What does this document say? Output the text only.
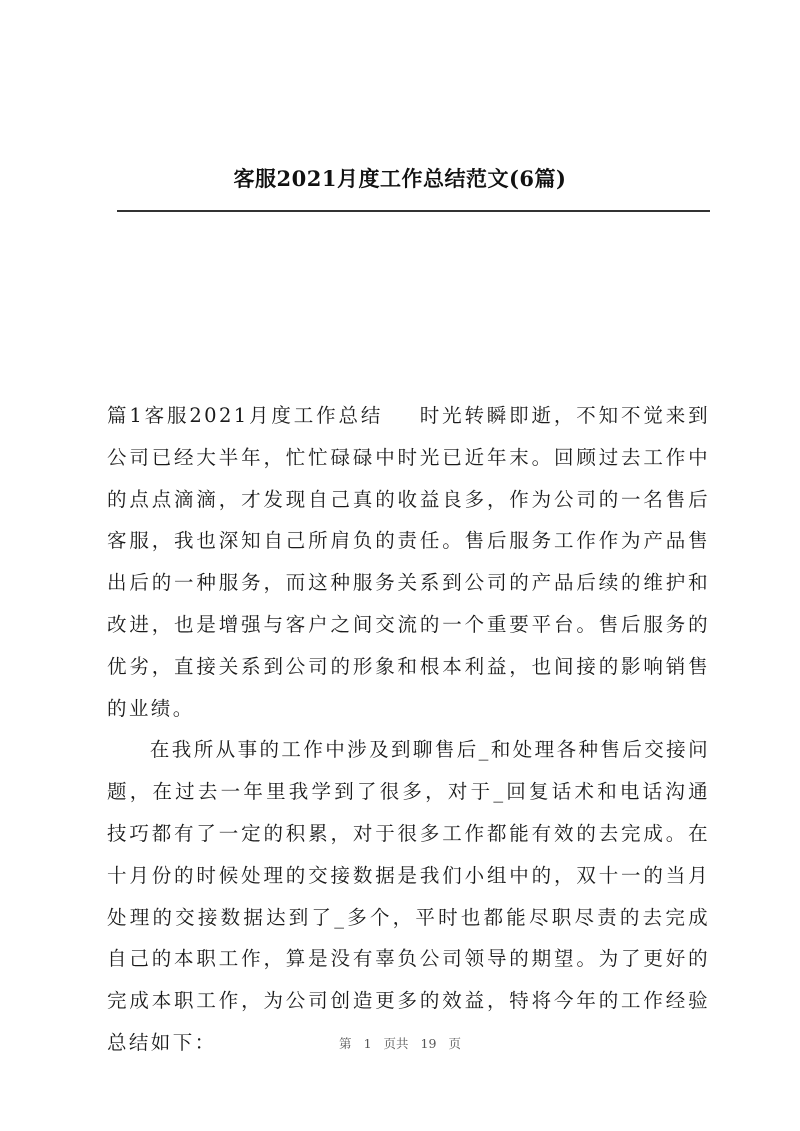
客服2021月度工作总结范文(6篇)

篇1客服2021月度工作总结 时光转瞬即逝，不知不觉来到公司已经大半年，忙忙碌碌中时光已近年末。回顾过去工作中的点点滴滴，才发现自己真的收益良多，作为公司的一名售后客服，我也深知自己所肩负的责任。售后服务工作作为产品售出后的一种服务，而这种服务关系到公司的产品后续的维护和改进，也是增强与客户之间交流的一个重要平台。售后服务的优劣，直接关系到公司的形象和根本利益，也间接的影响销售的业绩。

在我所从事的工作中涉及到聊售后_和处理各种售后交接问题，在过去一年里我学到了很多，对于_回复话术和电话沟通技巧都有了一定的积累，对于很多工作都能有效的去完成。在十月份的时候处理的交接数据是我们小组中的，双十一的当月处理的交接数据达到了_多个，平时也都能尽职尽责的去完成自己的本职工作，算是没有辜负公司领导的期望。为了更好的完成本职工作，为公司创造更多的效益，特将今年的工作经验总结如下：	第 1 页共 19 页
